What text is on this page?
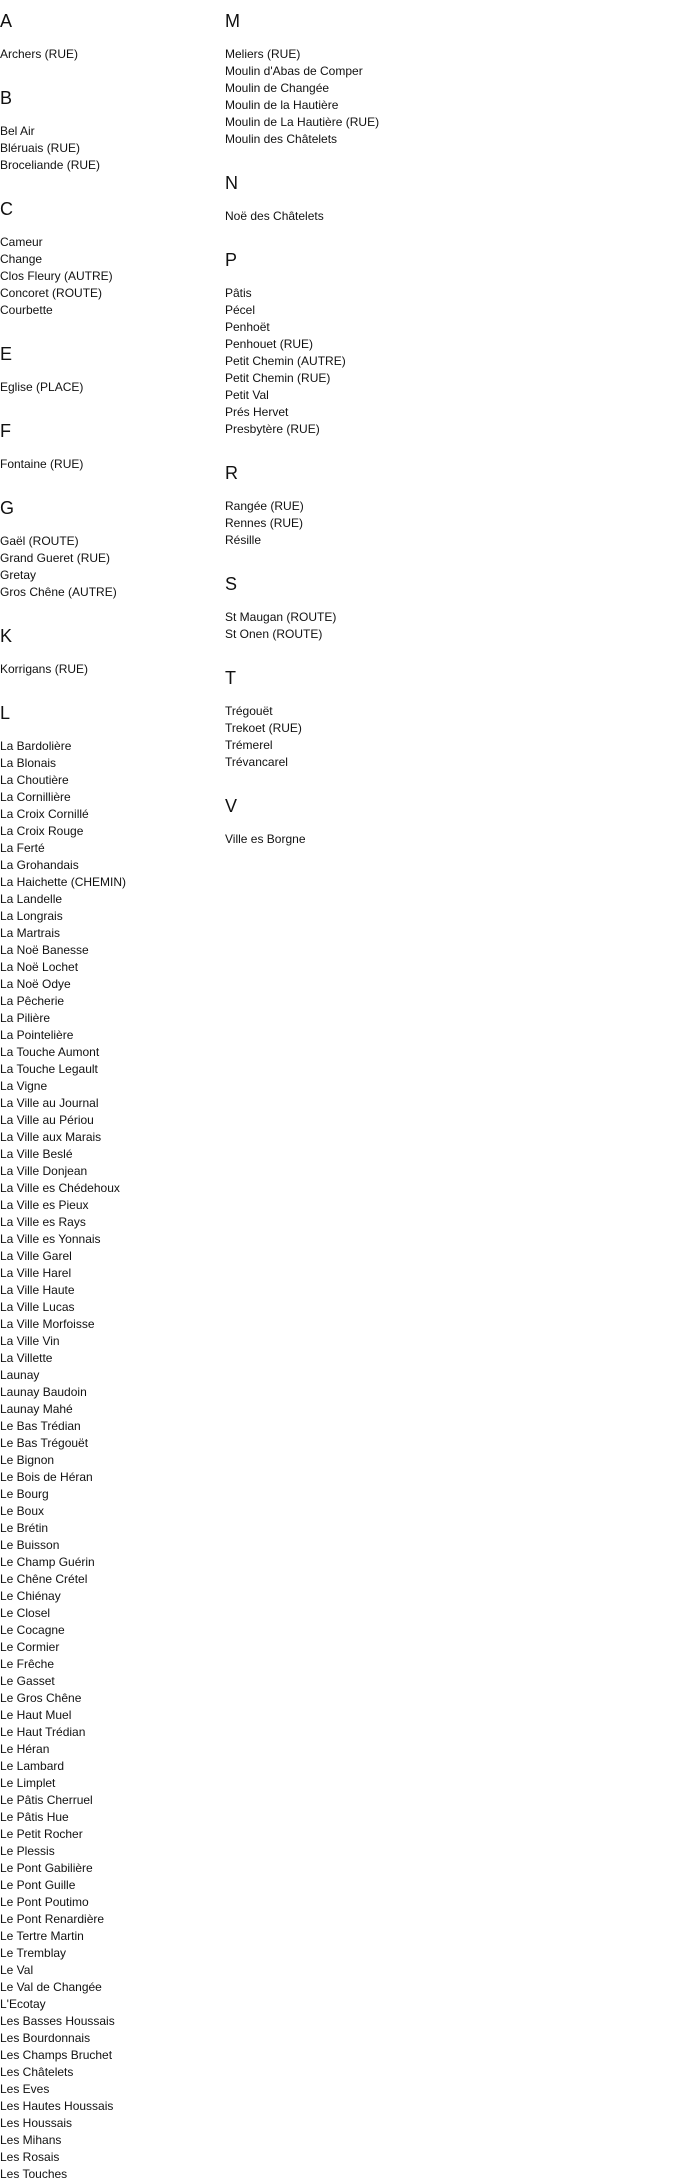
A
Archers (RUE)
B
Bel Air
Bléruais (RUE)
Broceliande (RUE)
C
Cameur
Change
Clos Fleury (AUTRE)
Concoret (ROUTE)
Courbette
E
Eglise (PLACE)
F
Fontaine (RUE)
G
Gaël (ROUTE)
Grand Gueret (RUE)
Gretay
Gros Chêne (AUTRE)
K
Korrigans (RUE)
L
La Bardolière
La Blonais
La Choutière
La Cornillière
La Croix Cornillé
La Croix Rouge
La Ferté
La Grohandais
La Haichette (CHEMIN)
La Landelle
La Longrais
La Martrais
La Noë Banesse
La Noë Lochet
La Noë Odye
La Pêcherie
La Pilière
La Pointelière
La Touche Aumont
La Touche Legault
La Vigne
La Ville au Journal
La Ville au Périou
La Ville aux Marais
La Ville Beslé
La Ville Donjean
La Ville es Chédehoux
La Ville es Pieux
La Ville es Rays
La Ville es Yonnais
La Ville Garel
La Ville Harel
La Ville Haute
La Ville Lucas
La Ville Morfoisse
La Ville Vin
La Villette
Launay
Launay Baudoin
Launay Mahé
Le Bas Trédian
Le Bas Trégouët
Le Bignon
Le Bois de Héran
Le Bourg
Le Boux
Le Brétin
Le Buisson
Le Champ Guérin
Le Chêne Crétel
Le Chiénay
Le Closel
Le Cocagne
Le Cormier
Le Frêche
Le Gasset
Le Gros Chêne
Le Haut Muel
Le Haut Trédian
Le Héran
Le Lambard
Le Limplet
Le Pâtis Cherruel
Le Pâtis Hue
Le Petit Rocher
Le Plessis
Le Pont Gabilière
Le Pont Guille
Le Pont Poutimo
Le Pont Renardière
Le Tertre Martin
Le Tremblay
Le Val
Le Val de Changée
L'Ecotay
Les Basses Houssais
Les Bourdonnais
Les Champs Bruchet
Les Châtelets
Les Eves
Les Hautes Houssais
Les Houssais
Les Mihans
Les Rosais
Les Touches
M
Meliers (RUE)
Moulin d'Abas de Comper
Moulin de Changée
Moulin de la Hautière
Moulin de La Hautière (RUE)
Moulin des Châtelets
N
Noë des Châtelets
P
Pâtis
Pécel
Penhoët
Penhouet (RUE)
Petit Chemin (AUTRE)
Petit Chemin (RUE)
Petit Val
Prés Hervet
Presbytère (RUE)
R
Rangée (RUE)
Rennes (RUE)
Résille
S
St Maugan (ROUTE)
St Onen (ROUTE)
T
Trégouët
Trekoet (RUE)
Trémerel
Trévancarel
V
Ville es Borgne
